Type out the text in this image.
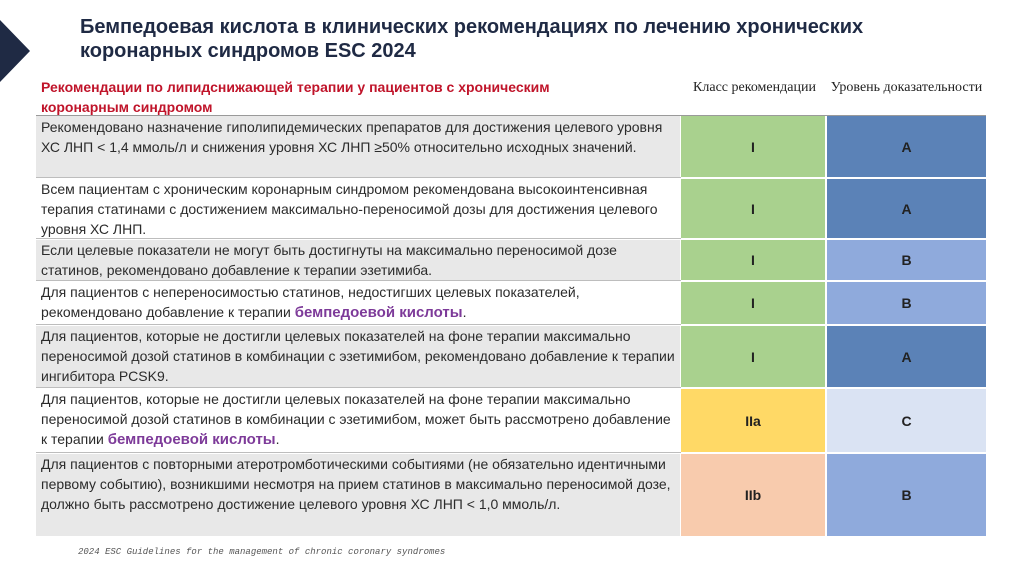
Бемпедоевая кислота в клинических рекомендациях по лечению хронических коронарных синдромов ESC 2024
Рекомендации по липидснижающей терапии у пациентов с хроническим коронарным синдромом
Класс рекомендации	Уровень доказательности
Рекомендовано назначение гиполипидемических препаратов для достижения целевого уровня ХС ЛНП < 1,4 ммоль/л и снижения уровня ХС ЛНП ≥50% относительно исходных значений.	I	A
Всем пациентам с хроническим коронарным синдромом рекомендована высокоинтенсивная терапия статинами с достижением максимально-переносимой дозы для достижения целевого уровня ХС ЛНП.
I	A
Если целевые показатели не могут быть достигнуты на максимально переносимой дозе статинов, рекомендовано добавление к терапии эзетимиба.
I	B
Для пациентов с непереносимостью статинов, недостигших целевых показателей, рекомендовано добавление к терапии бемпедоевой кислоты.
I	B
Для пациентов, которые не достигли целевых показателей на фоне терапии максимально переносимой дозой статинов в комбинации с эзетимибом, рекомендовано добавление к терапии ингибитора PCSK9.
I	A
Для пациентов, которые не достигли целевых показателей на фоне терапии максимально переносимой дозой статинов в комбинации с эзетимибом, может быть рассмотрено добавление к терапии бемпедоевой кислоты.
IIa	C
Для пациентов с повторными атеротромботическими событиями (не обязательно идентичными первому событию), возникшими несмотря на прием статинов в максимально переносимой дозе, должно быть рассмотрено достижение целевого уровня ХС ЛНП < 1,0 ммоль/л.
IIb	B
2024 ESC Guidelines for the management of chronic coronary syndromes
